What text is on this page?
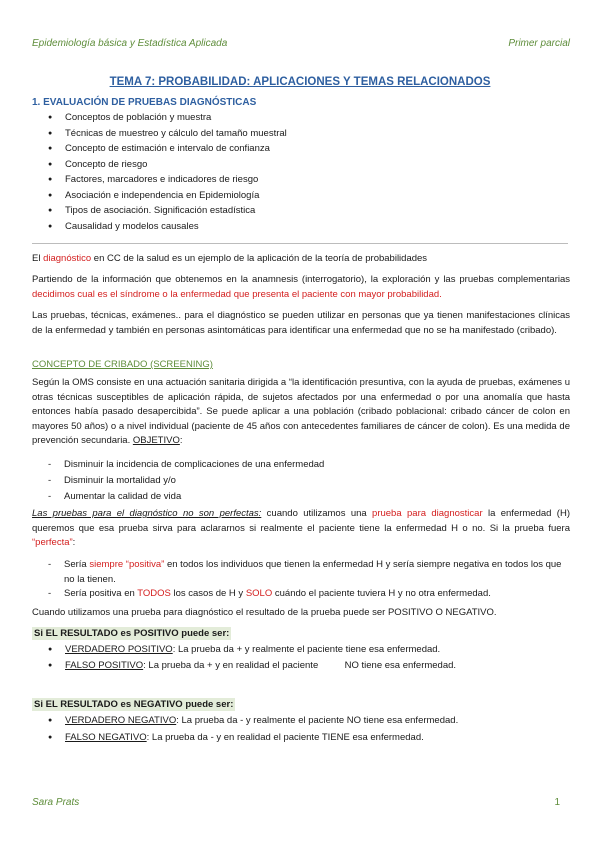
Epidemiología básica y Estadística Aplicada	Primer parcial
TEMA 7: PROBABILIDAD: APLICACIONES Y TEMAS RELACIONADOS
1. EVALUACIÓN DE PRUEBAS DIAGNÓSTICAS
● Conceptos de población y muestra
● Técnicas de muestreo y cálculo del tamaño muestral
● Concepto de estimación e intervalo de confianza
● Concepto de riesgo
● Factores, marcadores e indicadores de riesgo
● Asociación e independencia en Epidemiología
● Tipos de asociación. Significación estadística
● Causalidad y modelos causales
El diagnóstico en CC de la salud es un ejemplo de la aplicación de la teoría de probabilidades
Partiendo de la información que obtenemos en la anamnesis (interrogatorio), la exploración y las pruebas complementarias decidimos cual es el síndrome o la enfermedad que presenta el paciente con mayor probabilidad.
Las pruebas, técnicas, exámenes.. para el diagnóstico se pueden utilizar en personas que ya tienen manifestaciones clínicas de la enfermedad y también en personas asintomáticas para identificar una enfermedad que no se ha manifestado (cribado).
CONCEPTO DE CRIBADO (SCREENING)
Según la OMS consiste en una actuación sanitaria dirigida a “la identificación presuntiva, con la ayuda de pruebas, exámenes u otras técnicas susceptibles de aplicación rápida, de sujetos afectados por una enfermedad o por una anomalía que hasta entonces había pasado desapercibida”. Se puede aplicar a una población (cribado poblacional: cribado cáncer de colon en mayores 50 años) o a nivel individual (paciente de 45 años con antecedentes familiares de cáncer de colon). Es una medida de prevención secundaria. OBJETIVO:
-	Disminuir la incidencia de complicaciones de una enfermedad
-	Disminuir la mortalidad y/o
-	Aumentar la calidad de vida
Las pruebas para el diagnóstico no son perfectas: cuando utilizamos una prueba para diagnosticar la enfermedad (H) queremos que esa prueba sirva para aclararnos si realmente el paciente tiene la enfermedad H o no. Si la prueba fuera “perfecta”:
-	Sería siempre “positiva” en todos los individuos que tienen la enfermedad H y sería siempre negativa en todos los que no la tienen.
-	Sería positiva en TODOS los casos de H y SOLO cuándo el paciente tuviera H y no otra enfermedad.
Cuando utilizamos una prueba para diagnóstico el resultado de la prueba puede ser POSITIVO O NEGATIVO.
Si EL RESULTADO es POSITIVO puede ser:
● VERDADERO POSITIVO: La prueba da + y realmente el paciente tiene esa enfermedad.
● FALSO POSITIVO: La prueba da + y en realidad el paciente          NO tiene esa enfermedad.
Si EL RESULTADO es NEGATIVO puede ser:
● VERDADERO NEGATIVO: La prueba da - y realmente el paciente NO tiene esa enfermedad.
● FALSO NEGATIVO: La prueba da - y en realidad el paciente TIENE esa enfermedad.
Sara Prats	1
